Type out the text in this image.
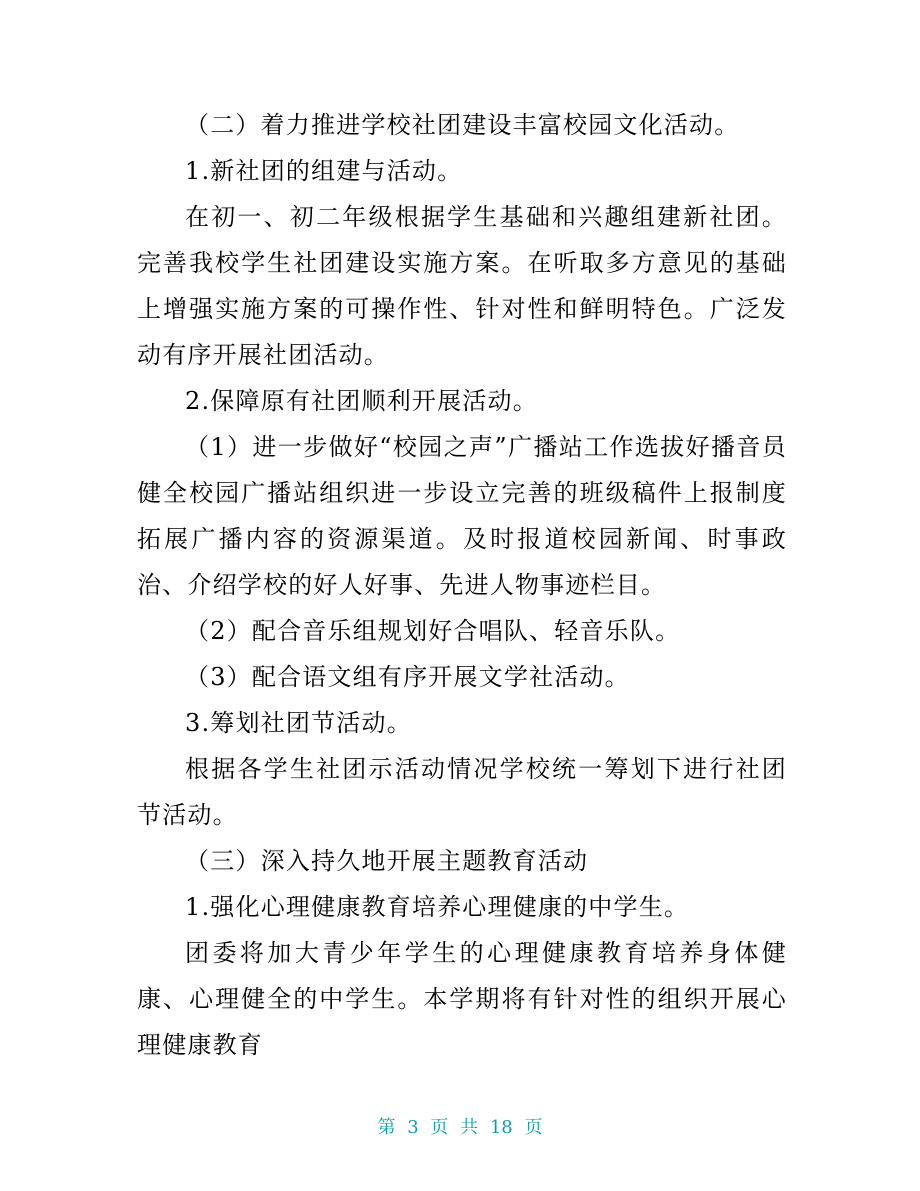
（二）着力推进学校社团建设丰富校园文化活动。

1.新社团的组建与活动。

在初一、初二年级根据学生基础和兴趣组建新社团。完善我校学生社团建设实施方案。在听取多方意见的基础上增强实施方案的可操作性、针对性和鲜明特色。广泛发动有序开展社团活动。

2.保障原有社团顺利开展活动。

（1）进一步做好“校园之声”广播站工作选拔好播音员健全校园广播站组织进一步设立完善的班级稿件上报制度拓展广播内容的资源渠道。及时报道校园新闻、时事政治、介绍学校的好人好事、先进人物事迹栏目。

（2）配合音乐组规划好合唱队、轻音乐队。

（3）配合语文组有序开展文学社活动。

3.筹划社团节活动。

根据各学生社团示活动情况学校统一筹划下进行社团节活动。

（三）深入持久地开展主题教育活动

1.强化心理健康教育培养心理健康的中学生。

团委将加大青少年学生的心理健康教育培养身体健康、心理健全的中学生。本学期将有针对性的组织开展心理健康教育

第 3 页 共 18 页
